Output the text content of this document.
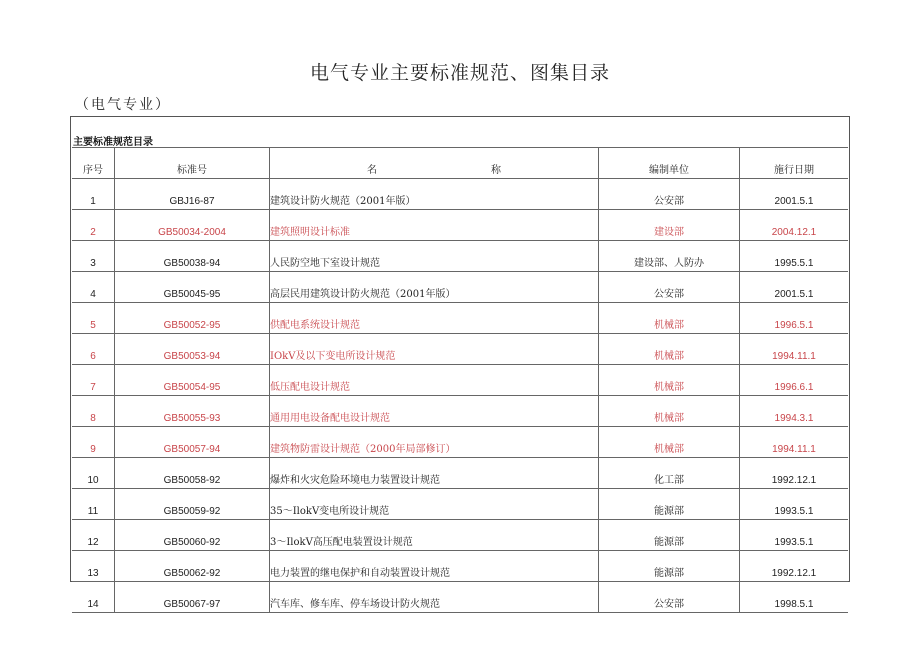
电气专业主要标准规范、图集目录
（电气专业）
主要标准规范目录
序号	标准号	名 称	编制单位	施行日期
1	GBJ16-87	建筑设计防火规范（2001年版）	公安部	2001.5.1
2	GB50034-2004	建筑照明设计标准	建设部	2004.12.1
3	GB50038-94	人民防空地下室设计规范	建设部、人防办	1995.5.1
4	GB50045-95	高层民用建筑设计防火规范（2001年版）	公安部	2001.5.1
5	GB50052-95	供配电系统设计规范	机械部	1996.5.1
6	GB50053-94	IOkV及以下变电所设计规范	机械部	1994.11.1
7	GB50054-95	低压配电设计规范	机械部	1996.6.1
8	GB50055-93	通用用电设备配电设计规范	机械部	1994.3.1
9	GB50057-94	建筑物防雷设计规范（2000年局部修订）	机械部	1994.11.1
10	GB50058-92	爆炸和火灾危险环境电力装置设计规范	化工部	1992.12.1
11	GB50059-92	35～IlokV变电所设计规范	能源部	1993.5.1
12	GB50060-92	3～IlokV高压配电装置设计规范	能源部	1993.5.1
13	GB50062-92	电力装置的继电保护和自动装置设计规范	能源部	1992.12.1
14	GB50067-97	汽车库、修车库、停车场设计防火规范	公安部	1998.5.1
